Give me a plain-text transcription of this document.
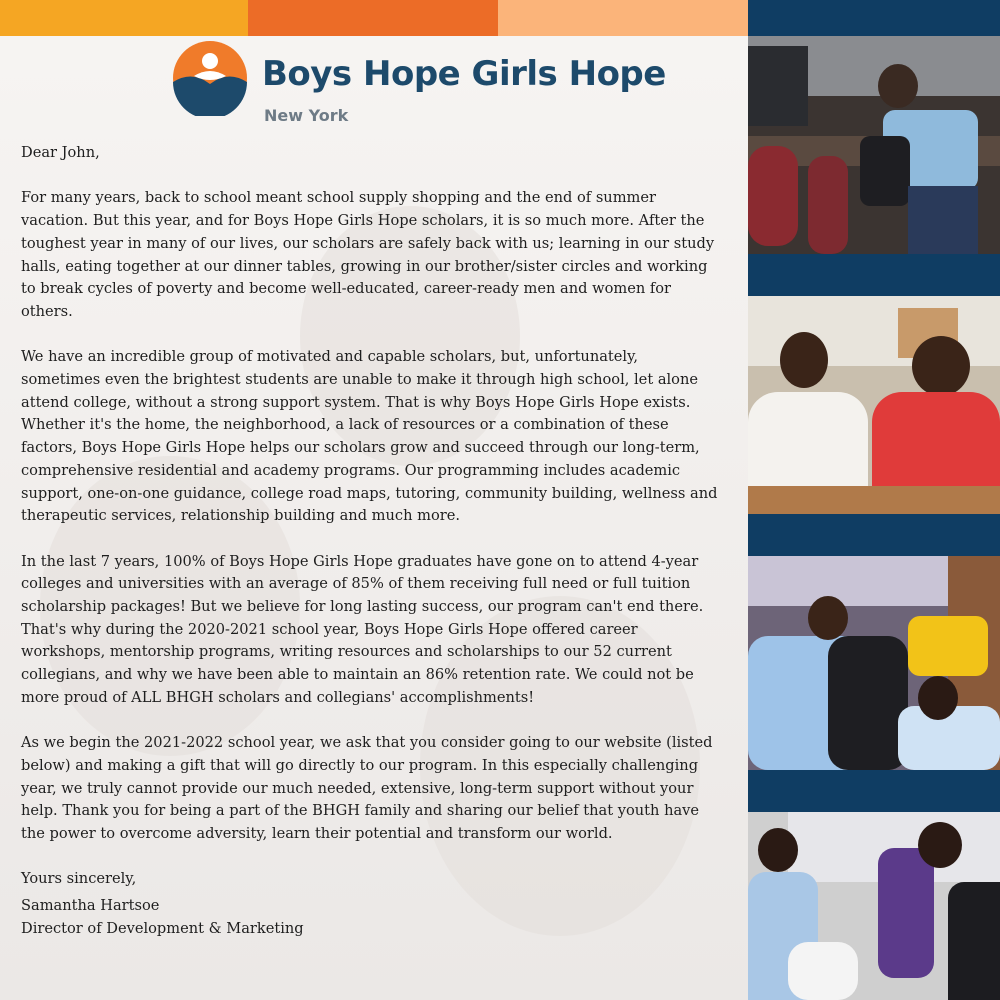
Boys Hope Girls Hope
New York

Dear John,

For many years, back to school meant school supply shopping and the end of summer vacation. But this year, and for Boys Hope Girls Hope scholars, it is so much more. After the toughest year in many of our lives, our scholars are safely back with us; learning in our study halls, eating together at our dinner tables, growing in our brother/sister circles and working to break cycles of poverty and become well-educated, career-ready men and women for others.

We have an incredible group of motivated and capable scholars, but, unfortunately, sometimes even the brightest students are unable to make it through high school, let alone attend college, without a strong support system. That is why Boys Hope Girls Hope exists. Whether it's the home, the neighborhood, a lack of resources or a combination of these factors, Boys Hope Girls Hope helps our scholars grow and succeed through our long-term, comprehensive residential and academy programs. Our programming includes academic support, one-on-one guidance, college road maps, tutoring, community building, wellness and therapeutic services, relationship building and much more.

In the last 7 years, 100% of Boys Hope Girls Hope graduates have gone on to attend 4-year colleges and universities with an average of 85% of them receiving full need or full tuition scholarship packages! But we believe for long lasting success, our program can't end there. That's why during the 2020-2021 school year, Boys Hope Girls Hope offered career workshops, mentorship programs, writing resources and scholarships to our 52 current collegians, and why we have been able to maintain an 86% retention rate. We could not be more proud of ALL BHGH scholars and collegians' accomplishments!

As we begin the 2021-2022 school year, we ask that you consider going to our website (listed below) and making a gift that will go directly to our program. In this especially challenging year, we truly cannot provide our much needed, extensive, long-term support without your help. Thank you for being a part of the BHGH family and sharing our belief that youth have the power to overcome adversity, learn their potential and transform our world.

Yours sincerely,

Samantha Hartsoe
Director of Development & Marketing
